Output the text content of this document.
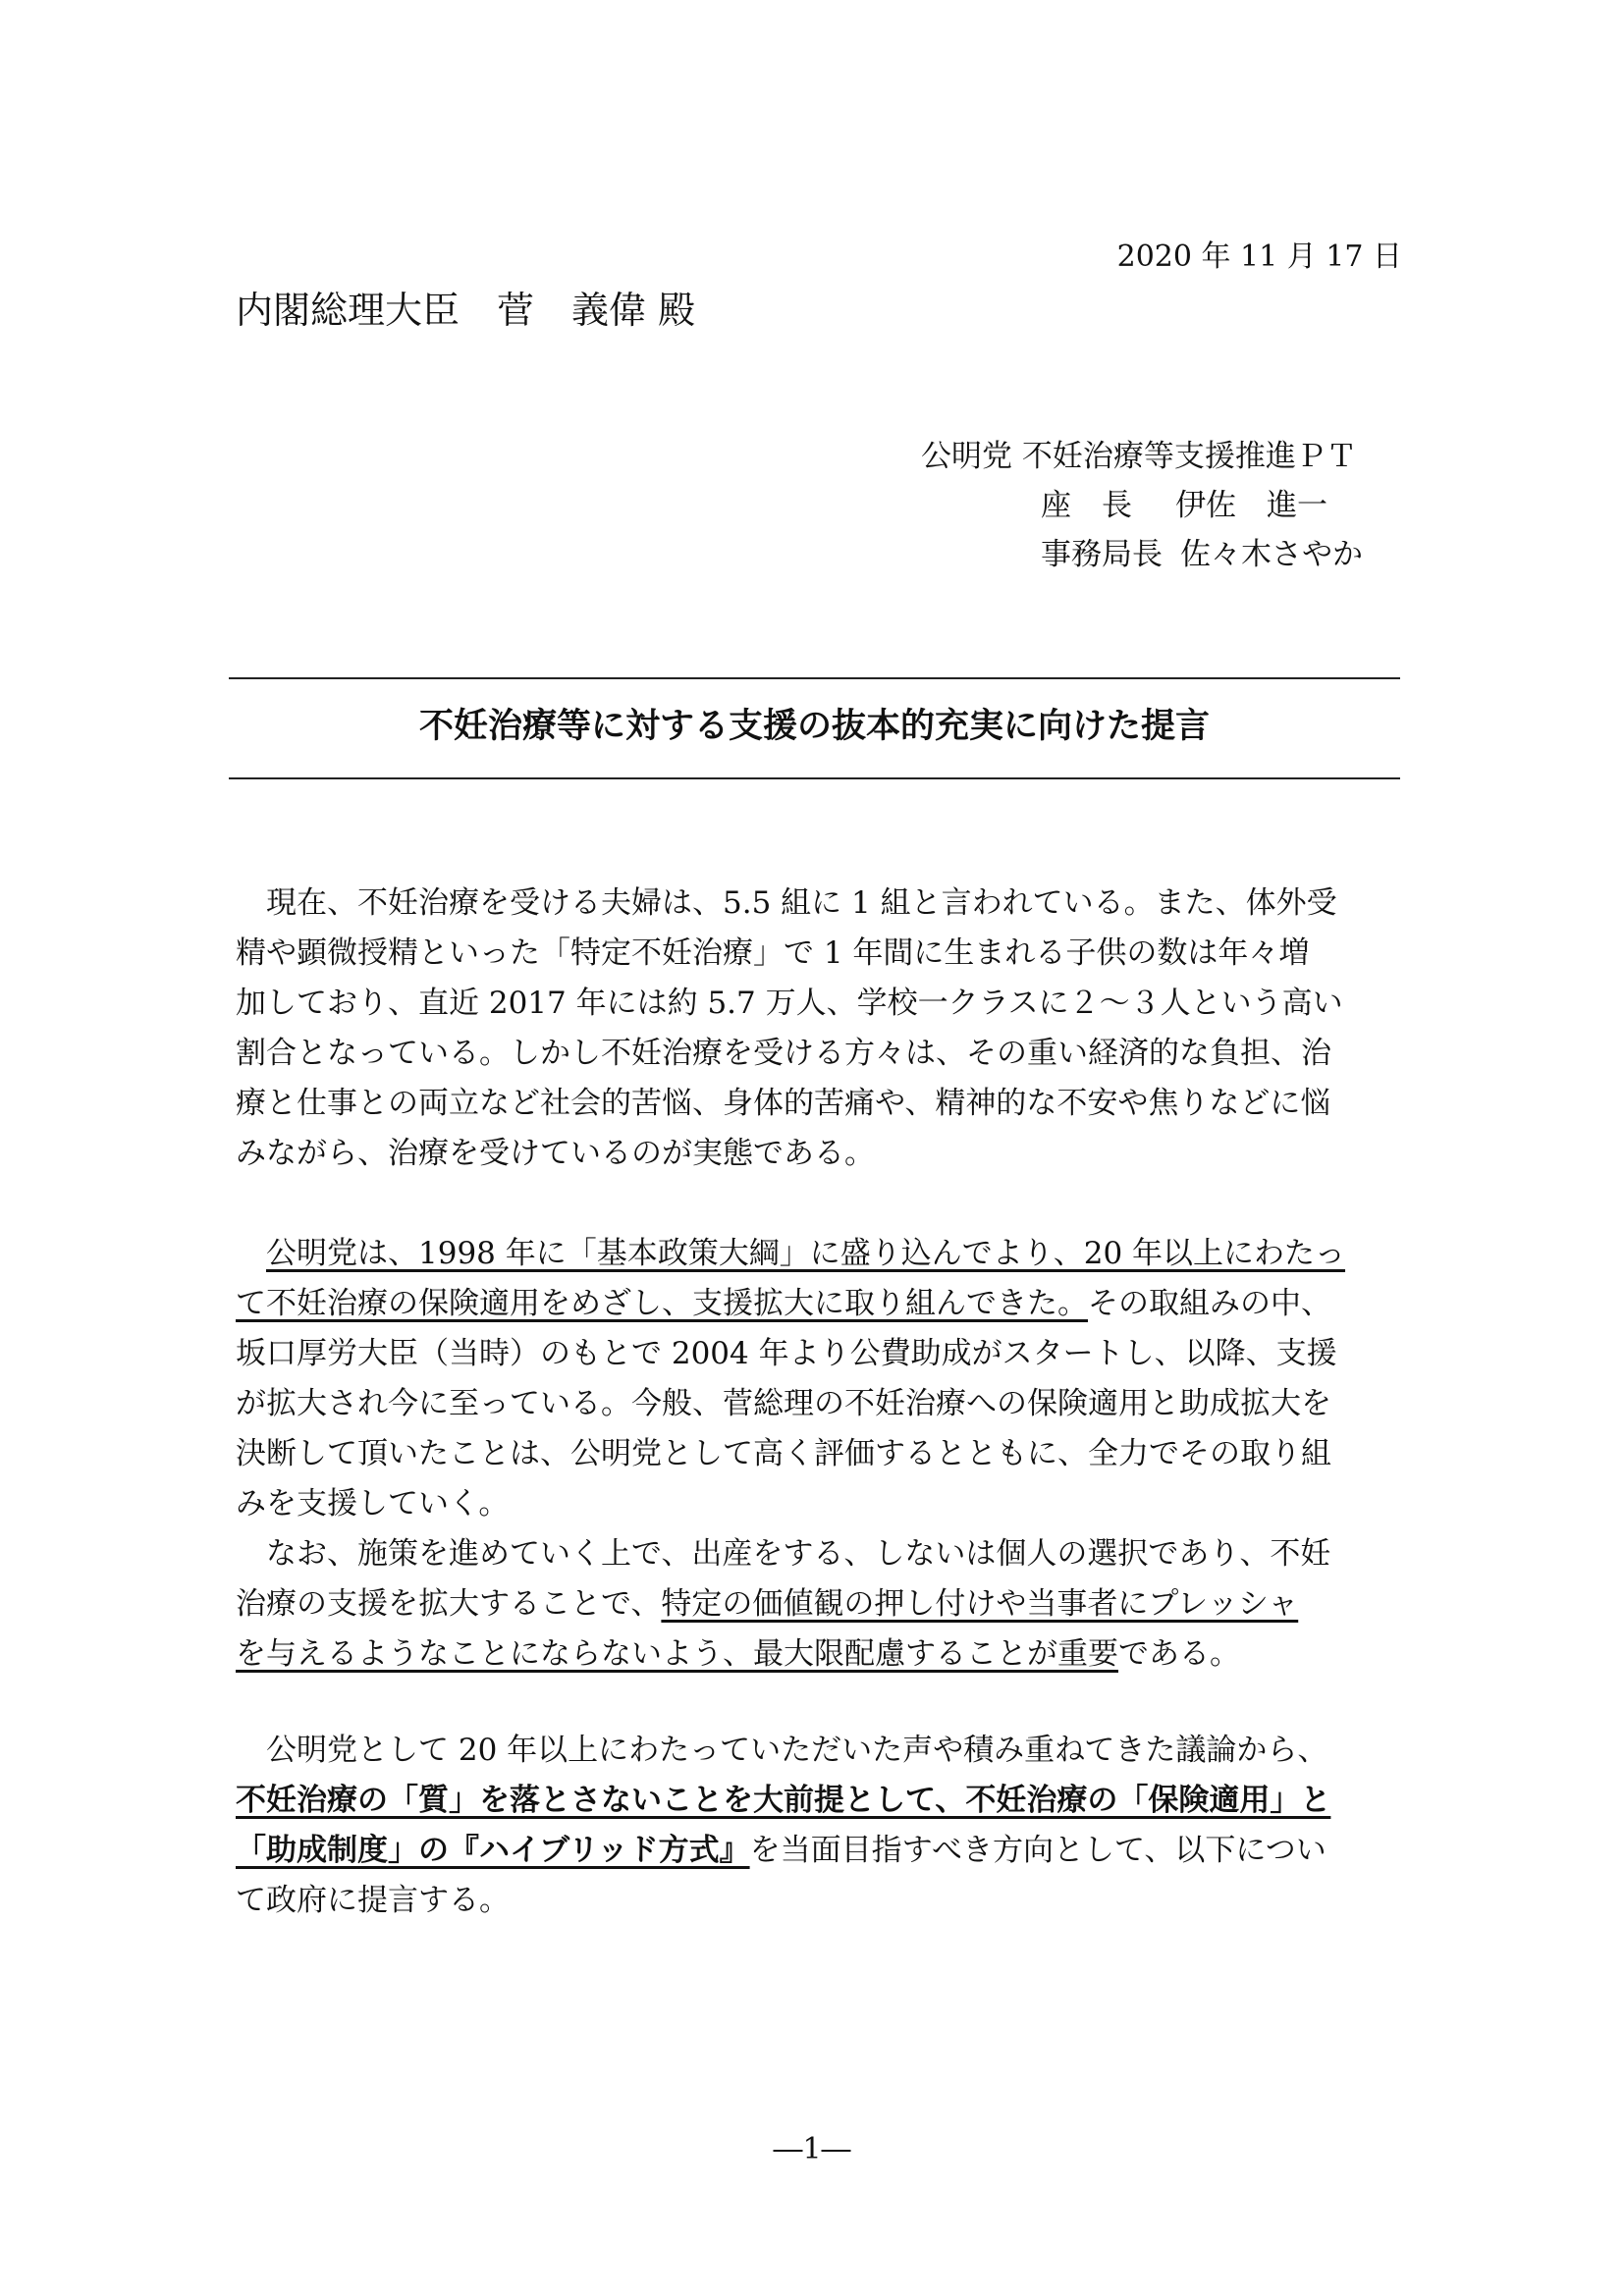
2020 年 11 月 17 日
内閣総理大臣　菅　義偉 殿
公明党 不妊治療等支援推進ＰＴ
座　長 伊佐　進一
事務局長 佐々木さやか
不妊治療等に対する支援の抜本的充実に向けた提言
　現在、不妊治療を受ける夫婦は、5.5 組に 1 組と言われている。また、体外受
精や顕微授精といった「特定不妊治療」で 1 年間に生まれる子供の数は年々増
加しており、直近 2017 年には約 5.7 万人、学校一クラスに２～３人という高い
割合となっている。しかし不妊治療を受ける方々は、その重い経済的な負担、治
療と仕事との両立など社会的苦悩、身体的苦痛や、精神的な不安や焦りなどに悩
みながら、治療を受けているのが実態である。
　公明党は、1998 年に「基本政策大綱」に盛り込んでより、20 年以上にわたっ
て不妊治療の保険適用をめざし、支援拡大に取り組んできた。その取組みの中、
坂口厚労大臣（当時）のもとで 2004 年より公費助成がスタートし、以降、支援
が拡大され今に至っている。今般、菅総理の不妊治療への保険適用と助成拡大を
決断して頂いたことは、公明党として高く評価するとともに、全力でその取り組
みを支援していく。
　なお、施策を進めていく上で、出産をする、しないは個人の選択であり、不妊
治療の支援を拡大することで、特定の価値観の押し付けや当事者にプレッシャ
を与えるようなことにならないよう、最大限配慮することが重要である。
　公明党として 20 年以上にわたっていただいた声や積み重ねてきた議論から、
不妊治療の「質」を落とさないことを大前提として、不妊治療の「保険適用」と
「助成制度」の『ハイブリッド方式』を当面目指すべき方向として、以下につい
て政府に提言する。
―1―
